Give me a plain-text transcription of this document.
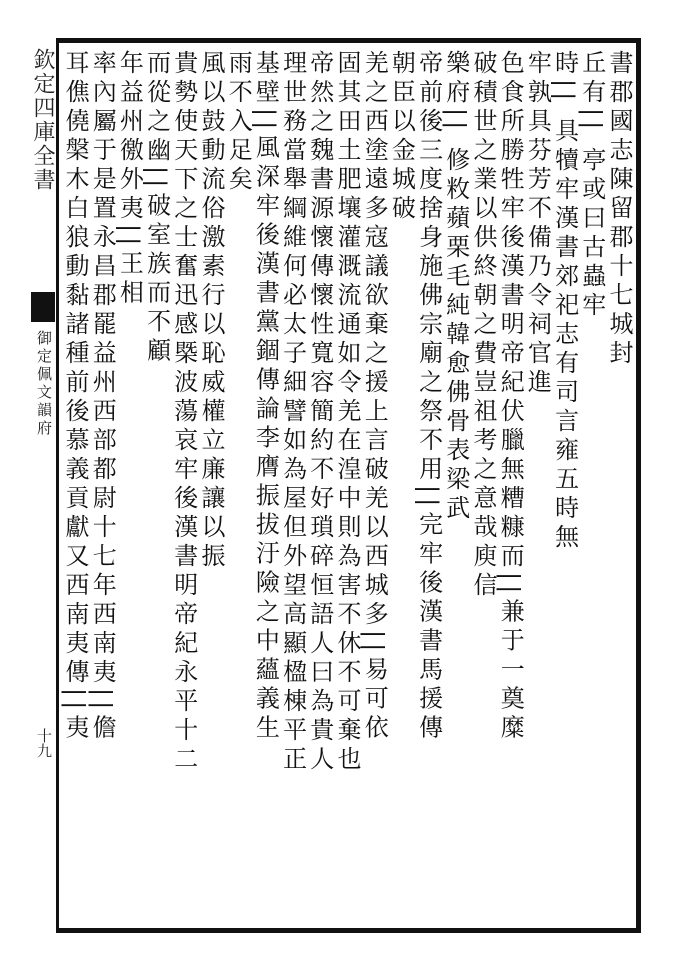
欽定四庫全書
御定佩文韻府
十九
書郡國志陳留郡十七城封
丘有|| 亭或曰古蟲牢
時|| 具犢牢漢書郊祀志有司言雍五時無
牢孰具芬芳不備乃令祠官進
色食所勝牲牢後漢書明帝紀伏臘無糟糠而||兼于一奠糜
破積世之業以供終朝之費豈祖考之意哉庾信
樂府|| 修敉蘋栗毛純韓愈佛骨表梁武
帝前後三度捨身施佛宗廟之祭不用||完牢後漢書馬援傳
朝臣以金城破
羌之西塗遠多寇議欲棄之援上言破羌以西城多||易可依
固其田土肥壤灌溉流通如令羌在湟中則為害不休不可棄也
帝然之魏書源懷傳懷性寬容簡約不好瑣碎恒語人曰為貴人
理世務當舉綱維何必太子細譬如為屋但外望高顯楹棟平正
基壁||風深牢後漢書黨錮傳論李膺振拔汙險之中蘊義生
雨不入足矣
風以鼓動流俗激素行以恥威權立廉讓以振
貴勢使天下之士奮迅感槩波蕩哀牢後漢書明帝紀永平十二
而從之幽||破室族而不顧
年益州徼外夷||王相
率內屬于是置永昌郡罷益州西部都尉十七年西南夷||儋
耳僬僥槃木白狼動黏諸種前後慕義貢獻又西南夷傳||夷
